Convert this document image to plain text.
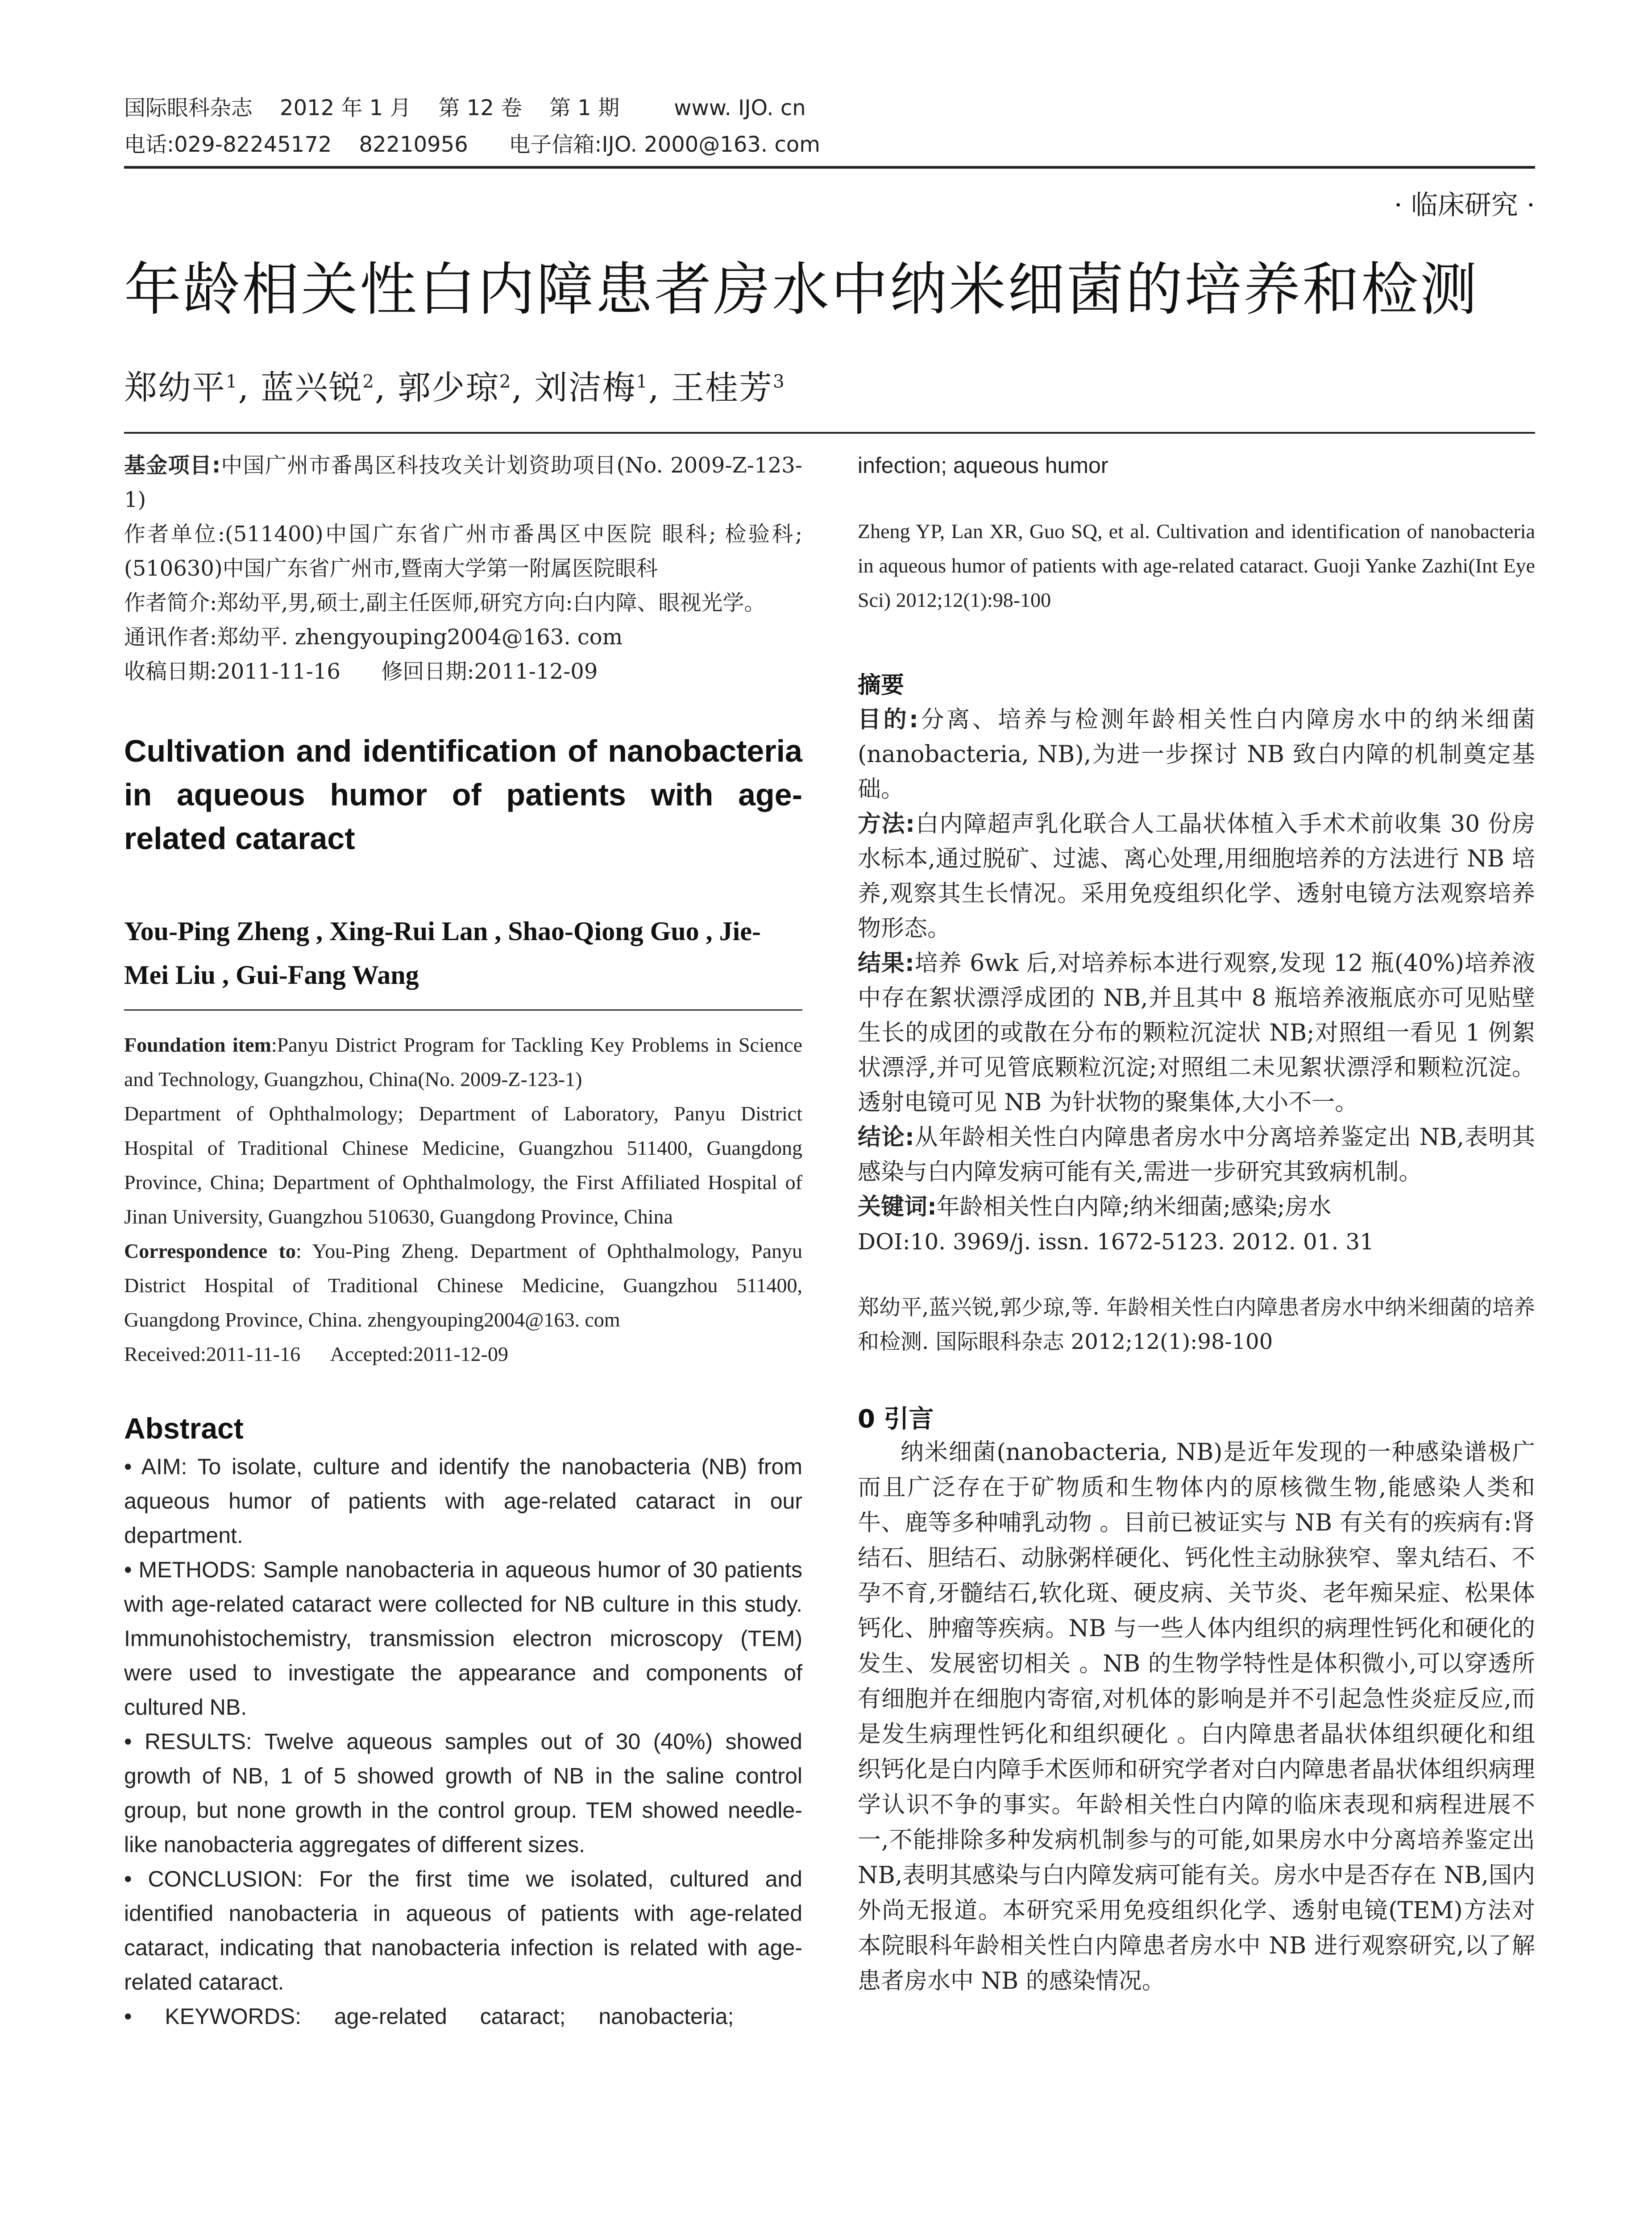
国际眼科杂志    2012 年 1 月    第 12 卷    第 1 期        www. IJO. cn
电话:029-82245172    82210956      电子信箱:IJO. 2000@163. com
· 临床研究 ·
年龄相关性白内障患者房水中纳米细菌的培养和检测
郑幼平$^1$, 蓝兴锐$^2$, 郭少琼$^2$, 刘洁梅$^1$, 王桂芳$^3$
基金项目:中国广州市番禺区科技攻关计划资助项目(No. 2009-Z-123-1)
作者单位:(511400)中国广东省广州市番禺区中医院 眼科; 检验科; (510630)中国广东省广州市,暨南大学第一附属医院眼科
作者简介:郑幼平,男,硕士,副主任医师,研究方向:白内障、眼视光学。
通讯作者:郑幼平. zhengyouping2004@163. com
收稿日期:2011-11-16      修回日期:2011-12-09
Cultivation and identification of nanobacteria in aqueous humor of patients with age-related cataract
You-Ping Zheng , Xing-Rui Lan , Shao-Qiong Guo , Jie-Mei Liu , Gui-Fang Wang
Foundation item:Panyu District Program for Tackling Key Problems in Science and Technology, Guangzhou, China(No. 2009-Z-123-1)
Department of Ophthalmology; Department of Laboratory, Panyu District Hospital of Traditional Chinese Medicine, Guangzhou 511400, Guangdong Province, China; Department of Ophthalmology, the First Affiliated Hospital of Jinan University, Guangzhou 510630, Guangdong Province, China
Correspondence to: You-Ping Zheng. Department of Ophthalmology, Panyu District Hospital of Traditional Chinese Medicine, Guangzhou 511400, Guangdong Province, China. zhengyouping2004@163. com
Received:2011-11-16      Accepted:2011-12-09
Abstract
• AIM: To isolate, culture and identify the nanobacteria (NB) from aqueous humor of patients with age-related cataract in our department.
• METHODS: Sample nanobacteria in aqueous humor of 30 patients with age-related cataract were collected for NB culture in this study. Immunohistochemistry, transmission electron microscopy (TEM) were used to investigate the appearance and components of cultured NB.
• RESULTS: Twelve aqueous samples out of 30 (40%) showed growth of NB, 1 of 5 showed growth of NB in the saline control group, but none growth in the control group. TEM showed needle-like nanobacteria aggregates of different sizes.
• CONCLUSION: For the first time we isolated, cultured and identified nanobacteria in aqueous of patients with age-related cataract, indicating that nanobacteria infection is related with age-related cataract.
• KEYWORDS: age-related cataract; nanobacteria;
infection; aqueous humor
Zheng YP, Lan XR, Guo SQ, et al. Cultivation and identification of nanobacteria in aqueous humor of patients with age-related cataract. Guoji Yanke Zazhi(Int Eye Sci) 2012;12(1):98-100
摘要
目的:分离、培养与检测年龄相关性白内障房水中的纳米细菌(nanobacteria, NB),为进一步探讨 NB 致白内障的机制奠定基础。
方法:白内障超声乳化联合人工晶状体植入手术术前收集 30 份房水标本,通过脱矿、过滤、离心处理,用细胞培养的方法进行 NB 培养,观察其生长情况。采用免疫组织化学、透射电镜方法观察培养物形态。
结果:培养 6wk 后,对培养标本进行观察,发现 12 瓶(40%)培养液中存在絮状漂浮成团的 NB,并且其中 8 瓶培养液瓶底亦可见贴壁生长的成团的或散在分布的颗粒沉淀状 NB;对照组一看见 1 例絮状漂浮,并可见管底颗粒沉淀;对照组二未见絮状漂浮和颗粒沉淀。透射电镜可见 NB 为针状物的聚集体,大小不一。
结论:从年龄相关性白内障患者房水中分离培养鉴定出 NB,表明其感染与白内障发病可能有关,需进一步研究其致病机制。
关键词:年龄相关性白内障;纳米细菌;感染;房水
DOI:10. 3969/j. issn. 1672-5123. 2012. 01. 31
郑幼平,蓝兴锐,郭少琼,等. 年龄相关性白内障患者房水中纳米细菌的培养和检测. 国际眼科杂志 2012;12(1):98-100
0 引言
纳米细菌(nanobacteria, NB)是近年发现的一种感染谱极广而且广泛存在于矿物质和生物体内的原核微生物,能感染人类和牛、鹿等多种哺乳动物 。目前已被证实与 NB 有关有的疾病有:肾结石、胆结石、动脉粥样硬化、钙化性主动脉狭窄、睾丸结石、不孕不育,牙髓结石,软化斑、硬皮病、关节炎、老年痴呆症、松果体钙化、肿瘤等疾病。NB 与一些人体内组织的病理性钙化和硬化的发生、发展密切相关 。NB 的生物学特性是体积微小,可以穿透所有细胞并在细胞内寄宿,对机体的影响是并不引起急性炎症反应,而是发生病理性钙化和组织硬化 。白内障患者晶状体组织硬化和组织钙化是白内障手术医师和研究学者对白内障患者晶状体组织病理学认识不争的事实。年龄相关性白内障的临床表现和病程进展不一,不能排除多种发病机制参与的可能,如果房水中分离培养鉴定出 NB,表明其感染与白内障发病可能有关。房水中是否存在 NB,国内外尚无报道。本研究采用免疫组织化学、透射电镜(TEM)方法对本院眼科年龄相关性白内障患者房水中 NB 进行观察研究,以了解患者房水中 NB 的感染情况。
